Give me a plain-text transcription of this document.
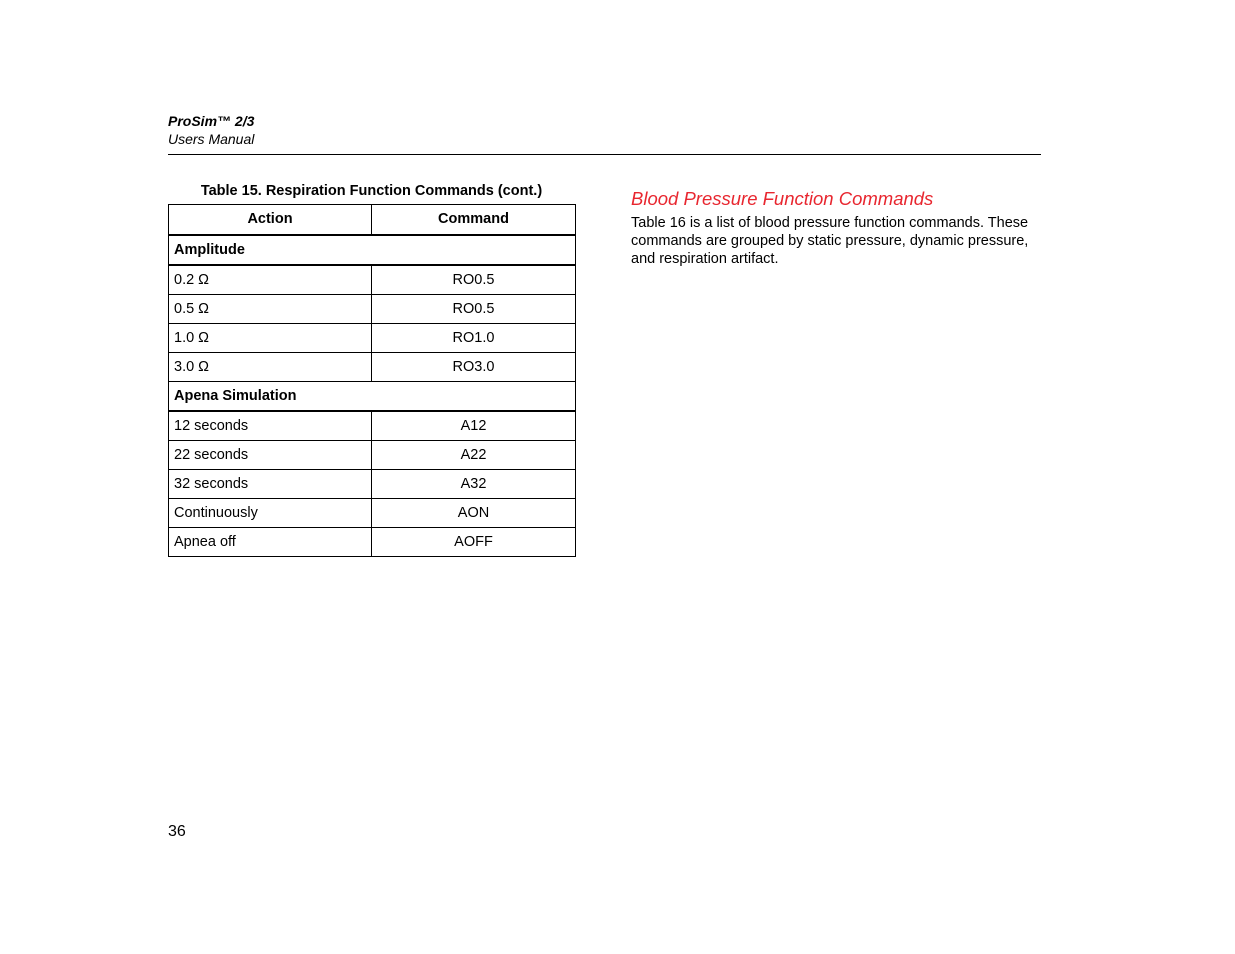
ProSim™ 2/3
Users Manual
Table 15. Respiration Function Commands (cont.)
Action	Command
Amplitude	
0.2 Ω	RO0.5
0.5 Ω	RO0.5
1.0 Ω	RO1.0
3.0 Ω	RO3.0
Apena Simulation	
12 seconds	A12
22 seconds	A22
32 seconds	A32
Continuously	AON
Apnea off	AOFF
Blood Pressure Function Commands
Table 16 is a list of blood pressure function commands. These commands are grouped by static pressure, dynamic pressure, and respiration artifact.
36
